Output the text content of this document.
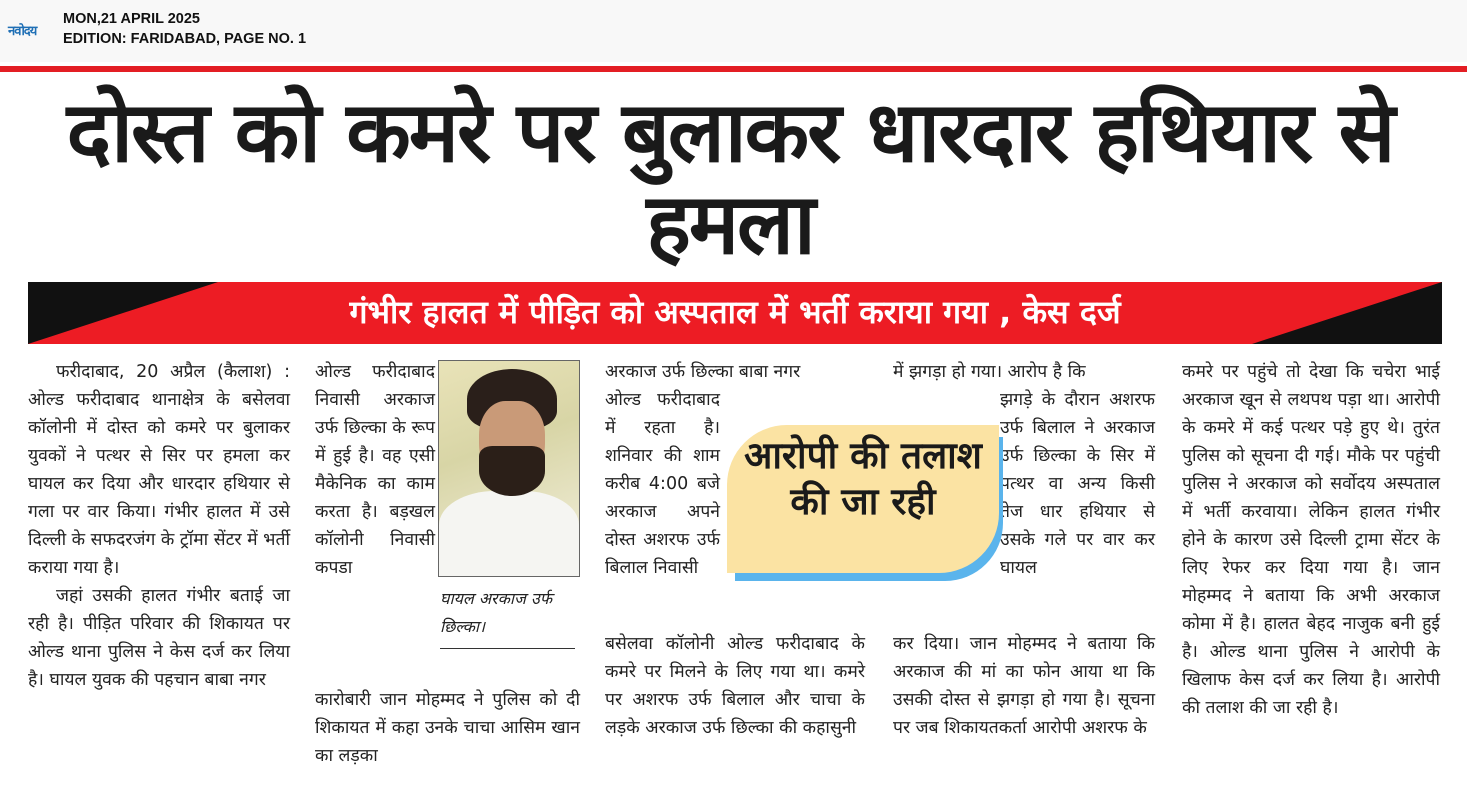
नवोदय
MON,21 APRIL 2025
EDITION: FARIDABAD, PAGE NO. 1
दोस्त को कमरे पर बुलाकर धारदार हथियार से हमला
गंभीर हालत में पीड़ित को अस्पताल में भर्ती कराया गया , केस दर्ज

फरीदाबाद, 20 अप्रैल (कैलाश) : ओल्ड फरीदाबाद थानाक्षेत्र के बसेलवा कॉलोनी में दोस्त को कमरे पर बुलाकर युवकों ने पत्थर से सिर पर हमला कर घायल कर दिया और धारदार हथियार से गला पर वार किया। गंभीर हालत में उसे दिल्ली के सफदरजंग के ट्रॉमा सेंटर में भर्ती कराया गया है।

जहां उसकी हालत गंभीर बताई जा रही है। पीड़ित परिवार की शिकायत पर ओल्ड थाना पुलिस ने केस दर्ज कर लिया है। घायल युवक की पहचान बाबा नगर

ओल्ड फरीदाबाद निवासी अरकाज उर्फ छिल्का के रूप में हुई है। वह एसी मैकेनिक का काम करता है। बड़खल कॉलोनी निवासी कपडा
घायल अरकाज उर्फ छिल्का।
कारोबारी जान मोहम्मद ने पुलिस को दी शिकायत में कहा उनके चाचा आसिम खान का लड़का
अरकाज उर्फ छिल्का बाबा नगर
ओल्ड फरीदाबाद में रहता है। शनिवार की शाम करीब 4:00 बजे अरकाज अपने दोस्त अशरफ उर्फ बिलाल निवासी
बसेलवा कॉलोनी ओल्ड फरीदाबाद के कमरे पर मिलने के लिए गया था। कमरे पर अशरफ उर्फ बिलाल और चाचा के लड़के अरकाज उर्फ छिल्का की कहासुनी
में झगड़ा हो गया। आरोप है कि
झगड़े के दौरान अशरफ उर्फ बिलाल ने अरकाज उर्फ छिल्का के सिर में पत्थर वा अन्य किसी तेज धार हथियार से उसके गले पर वार कर घायल
कर दिया। जान मोहम्मद ने बताया कि अरकाज की मां का फोन आया था कि उसकी दोस्त से झगड़ा हो गया है। सूचना पर जब शिकायतकर्ता आरोपी अशरफ के
कमरे पर पहुंचे तो देखा कि चचेरा भाई अरकाज खून से लथपथ पड़ा था। आरोपी के कमरे में कई पत्थर पड़े हुए थे। तुरंत पुलिस को सूचना दी गई। मौके पर पहुंची पुलिस ने अरकाज को सर्वोदय अस्पताल में भर्ती करवाया। लेकिन हालत गंभीर होने के कारण उसे दिल्ली ट्रामा सेंटर के लिए रेफर कर दिया गया है। जान मोहम्मद ने बताया कि अभी अरकाज कोमा में है। हालत बेहद नाजुक बनी हुई है। ओल्ड थाना पुलिस ने आरोपी के खिलाफ केस दर्ज कर लिया है। आरोपी की तलाश की जा रही है।
आरोपी की तलाश की जा रही
